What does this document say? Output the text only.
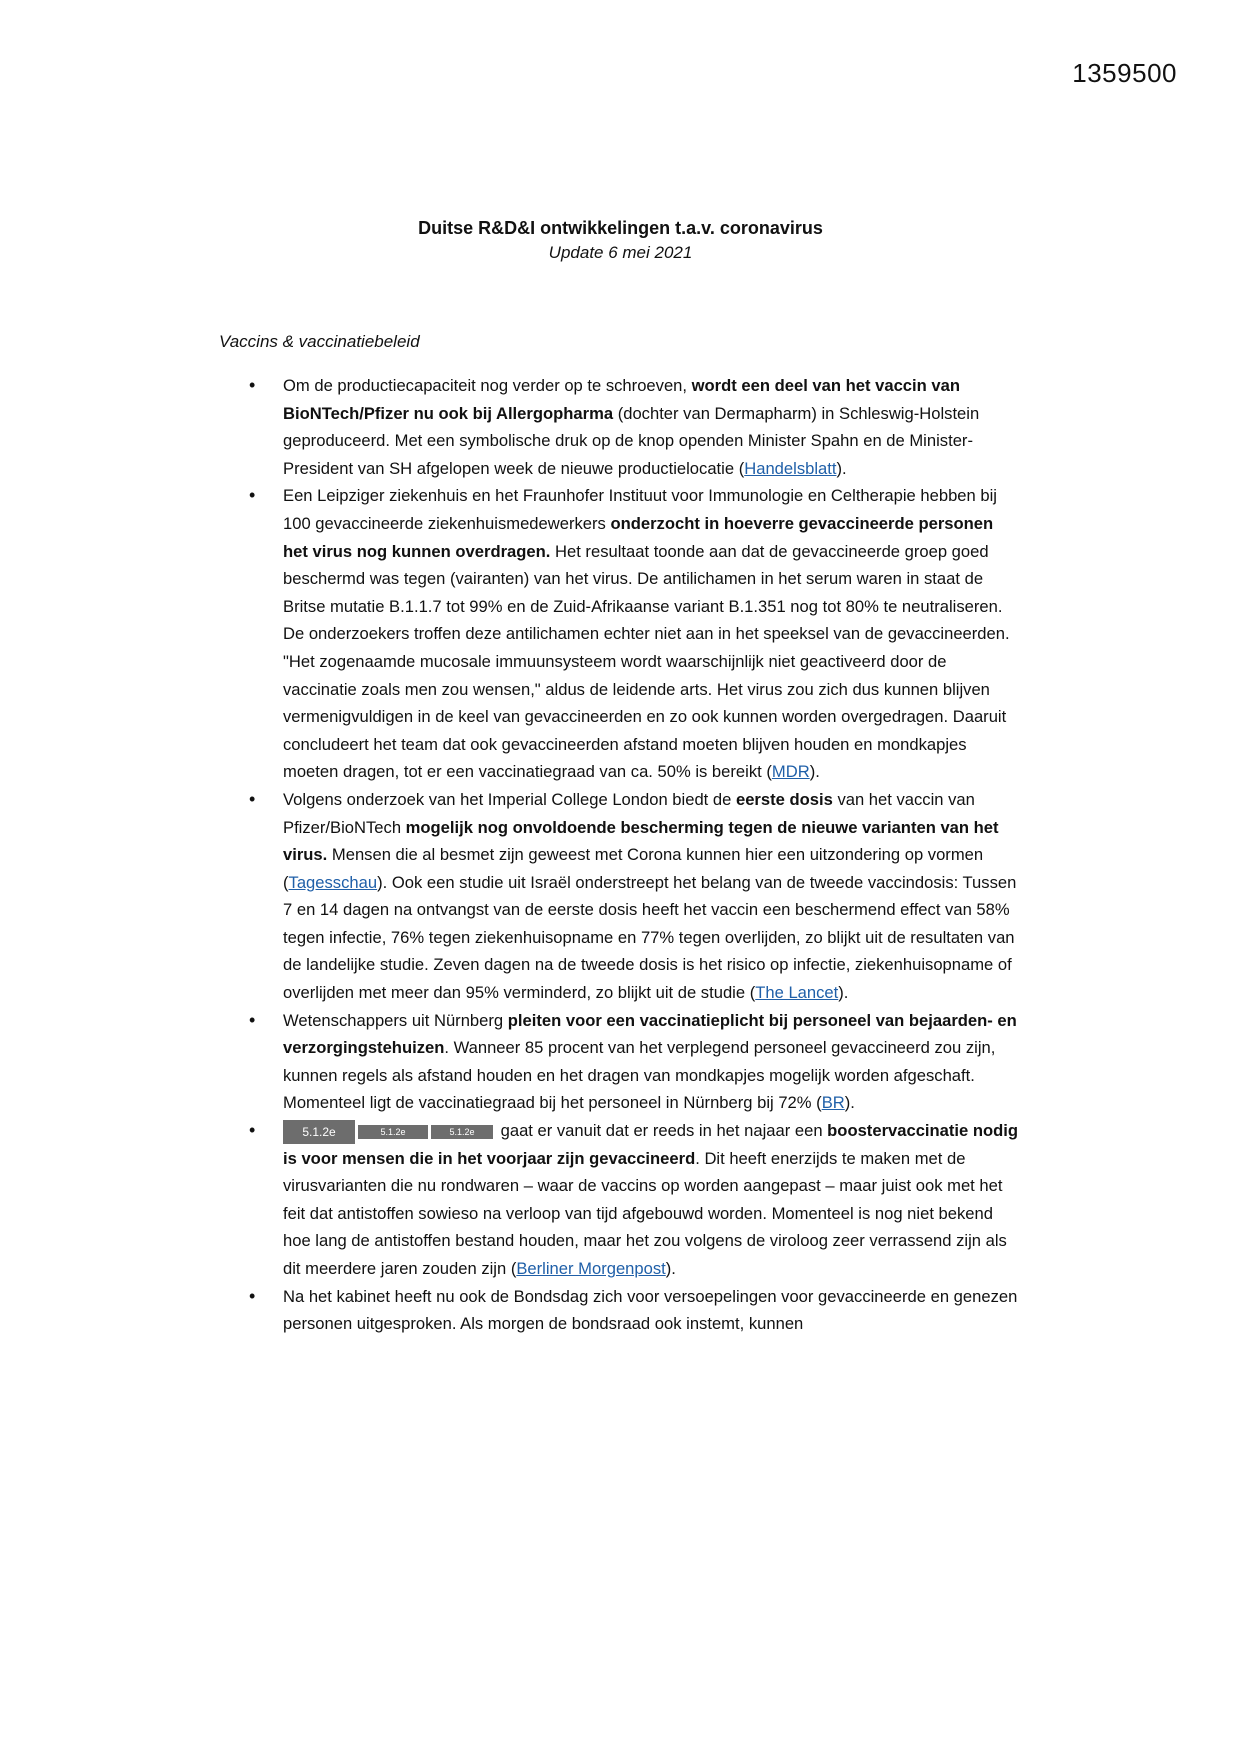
1359500
Duitse R&D&I ontwikkelingen t.a.v. coronavirus
Update 6 mei 2021
Vaccins & vaccinatiebeleid
• Om de productiecapaciteit nog verder op te schroeven, wordt een deel van het vaccin van BioNTech/Pfizer nu ook bij Allergopharma (dochter van Dermapharm) in Schleswig-Holstein geproduceerd. Met een symbolische druk op de knop openden Minister Spahn en de Minister-President van SH afgelopen week de nieuwe productielocatie (Handelsblatt).
• Een Leipziger ziekenhuis en het Fraunhofer Instituut voor Immunologie en Celtherapie hebben bij 100 gevaccineerde ziekenhuismedewerkers onderzocht in hoeverre gevaccineerde personen het virus nog kunnen overdragen. Het resultaat toonde aan dat de gevaccineerde groep goed beschermd was tegen (vairanten) van het virus. De antilichamen in het serum waren in staat de Britse mutatie B.1.1.7 tot 99% en de Zuid-Afrikaanse variant B.1.351 nog tot 80% te neutraliseren. De onderzoekers troffen deze antilichamen echter niet aan in het speeksel van de gevaccineerden. "Het zogenaamde mucosale immuunsysteem wordt waarschijnlijk niet geactiveerd door de vaccinatie zoals men zou wensen," aldus de leidende arts. Het virus zou zich dus kunnen blijven vermenigvuldigen in de keel van gevaccineerden en zo ook kunnen worden overgedragen. Daaruit concludeert het team dat ook gevaccineerden afstand moeten blijven houden en mondkapjes moeten dragen, tot er een vaccinatiegraad van ca. 50% is bereikt (MDR).
• Volgens onderzoek van het Imperial College London biedt de eerste dosis van het vaccin van Pfizer/BioNTech mogelijk nog onvoldoende bescherming tegen de nieuwe varianten van het virus. Mensen die al besmet zijn geweest met Corona kunnen hier een uitzondering op vormen (Tagesschau). Ook een studie uit Israël onderstreept het belang van de tweede vaccindosis: Tussen 7 en 14 dagen na ontvangst van de eerste dosis heeft het vaccin een beschermend effect van 58% tegen infectie, 76% tegen ziekenhuisopname en 77% tegen overlijden, zo blijkt uit de resultaten van de landelijke studie. Zeven dagen na de tweede dosis is het risico op infectie, ziekenhuisopname of overlijden met meer dan 95% verminderd, zo blijkt uit de studie (The Lancet).
• Wetenschappers uit Nürnberg pleiten voor een vaccinatieplicht bij personeel van bejaarden- en verzorgingstehuizen. Wanneer 85 procent van het verplegend personeel gevaccineerd zou zijn, kunnen regels als afstand houden en het dragen van mondkapjes mogelijk worden afgeschaft. Momenteel ligt de vaccinatiegraad bij het personeel in Nürnberg bij 72% (BR).
• 5.1.2e	5.1.2e	5.1.2e gaat er vanuit dat er reeds in het najaar een boostervaccinatie nodig is voor mensen die in het voorjaar zijn gevaccineerd. Dit heeft enerzijds te maken met de virusvarianten die nu rondwaren – waar de vaccins op worden aangepast – maar juist ook met het feit dat antistoffen sowieso na verloop van tijd afgebouwd worden. Momenteel is nog niet bekend hoe lang de antistoffen bestand houden, maar het zou volgens de viroloog zeer verrassend zijn als dit meerdere jaren zouden zijn (Berliner Morgenpost).
• Na het kabinet heeft nu ook de Bondsdag zich voor versoepelingen voor gevaccineerde en genezen personen uitgesproken. Als morgen de bondsraad ook instemt, kunnen
